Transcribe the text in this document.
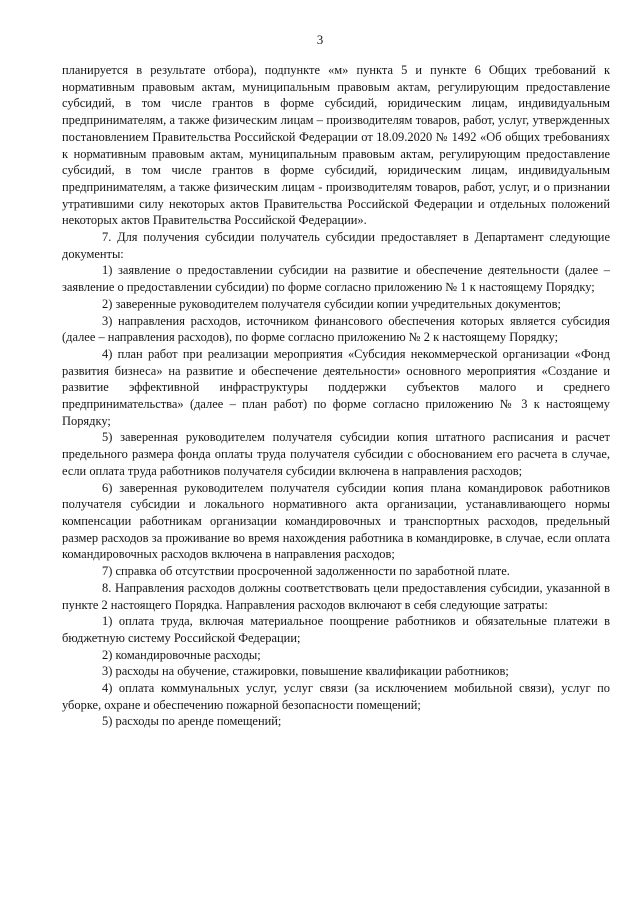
3

планируется в результате отбора), подпункте «м» пункта 5 и пункте 6 Общих требований к нормативным правовым актам, муниципальным правовым актам, регулирующим предоставление субсидий, в том числе грантов в форме субсидий, юридическим лицам, индивидуальным предпринимателям, а также физическим лицам – производителям товаров, работ, услуг, утвержденных постановлением Правительства Российской Федерации от 18.09.2020 № 1492 «Об общих требованиях к нормативным правовым актам, муниципальным правовым актам, регулирующим предоставление субсидий, в том числе грантов в форме субсидий, юридическим лицам, индивидуальным предпринимателям, а также физическим лицам - производителям товаров, работ, услуг, и о признании утратившими силу некоторых актов Правительства Российской Федерации и отдельных положений некоторых актов Правительства Российской Федерации».

7. Для получения субсидии получатель субсидии предоставляет в Департамент следующие документы:

1) заявление о предоставлении субсидии на развитие и обеспечение деятельности (далее – заявление о предоставлении субсидии) по форме согласно приложению № 1 к настоящему Порядку;

2) заверенные руководителем получателя субсидии копии учредительных документов;

3) направления расходов, источником финансового обеспечения которых является субсидия (далее – направления расходов), по форме согласно приложению № 2 к настоящему Порядку;

4) план работ при реализации мероприятия «Субсидия некоммерческой организации «Фонд развития бизнеса» на развитие и обеспечение деятельности» основного мероприятия «Создание и развитие эффективной инфраструктуры поддержки субъектов малого и среднего предпринимательства» (далее – план работ) по форме согласно приложению № 3 к настоящему Порядку;

5) заверенная руководителем получателя субсидии копия штатного расписания и расчет предельного размера фонда оплаты труда получателя субсидии с обоснованием его расчета в случае, если оплата труда работников получателя субсидии включена в направления расходов;

6) заверенная руководителем получателя субсидии копия плана командировок работников получателя субсидии и локального нормативного акта организации, устанавливающего нормы компенсации работникам организации командировочных и транспортных расходов, предельный размер расходов за проживание во время нахождения работника в командировке, в случае, если оплата командировочных расходов включена в направления расходов;

7) справка об отсутствии просроченной задолженности по заработной плате.

8. Направления расходов должны соответствовать цели предоставления субсидии, указанной в пункте 2 настоящего Порядка. Направления расходов включают в себя следующие затраты:

1) оплата труда, включая материальное поощрение работников и обязательные платежи в бюджетную систему Российской Федерации;

2) командировочные расходы;

3) расходы на обучение, стажировки, повышение квалификации работников;

4) оплата коммунальных услуг, услуг связи (за исключением мобильной связи), услуг по уборке, охране и обеспечению пожарной безопасности помещений;

5) расходы по аренде помещений;
